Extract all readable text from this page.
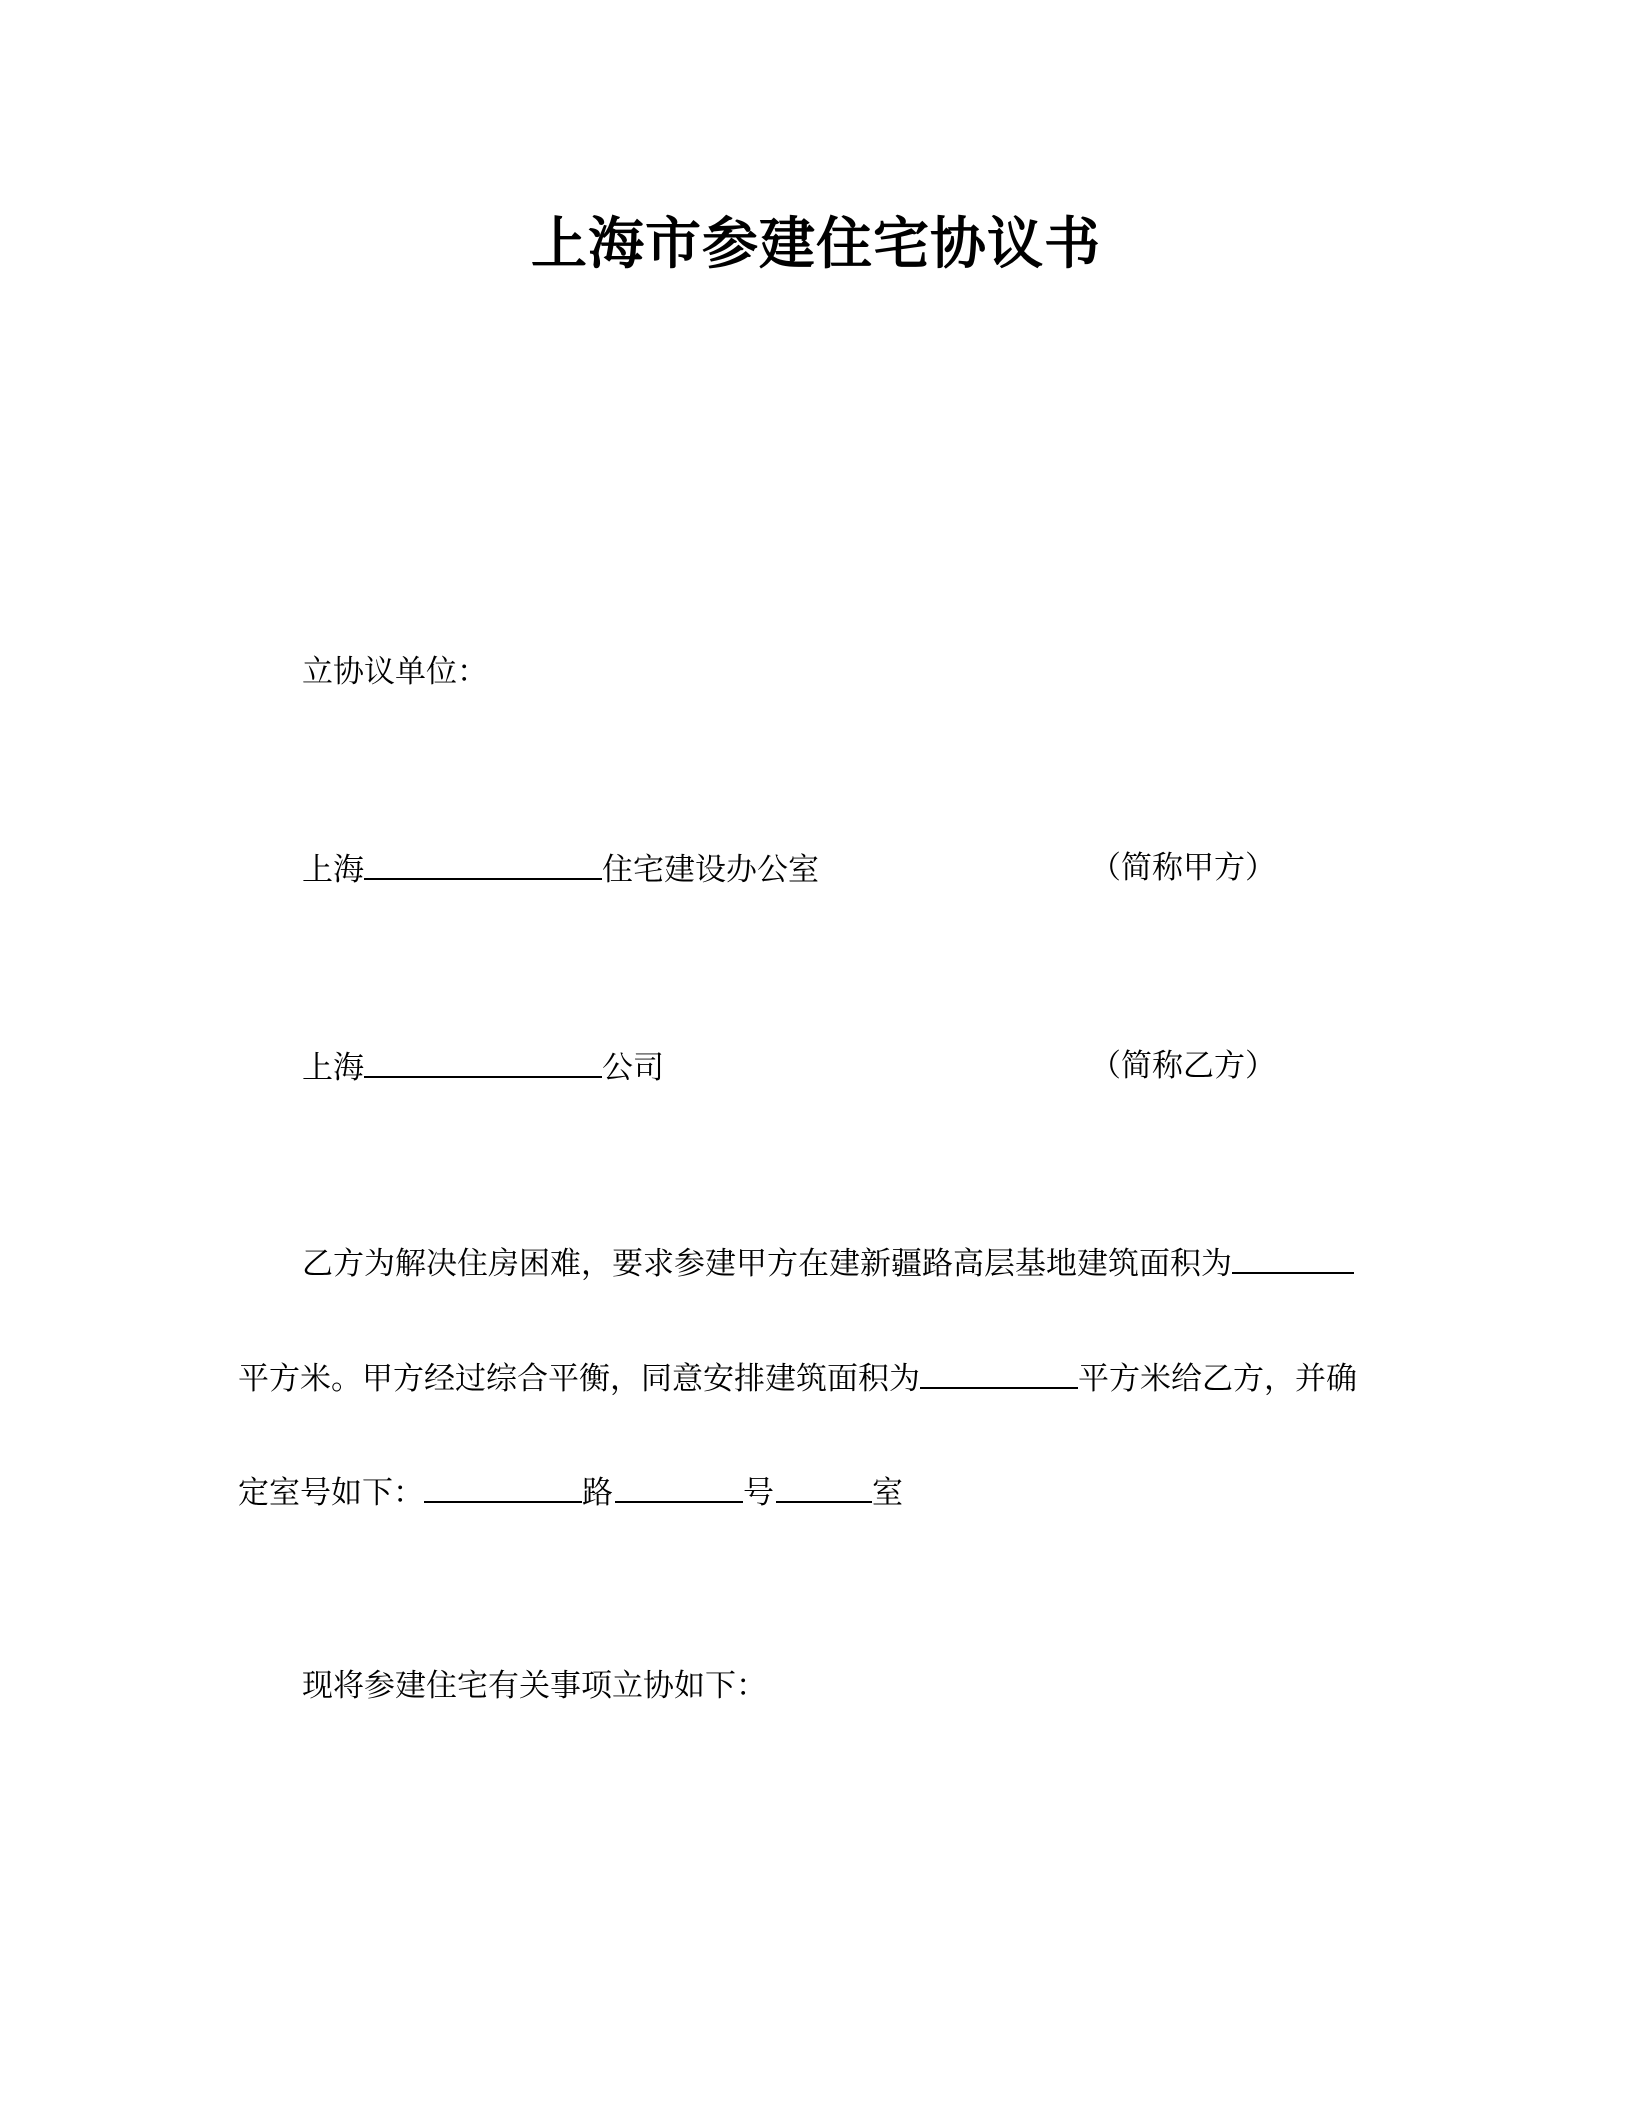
上海市参建住宅协议书
立协议单位：
上海	住宅建设办公室	（简称甲方）
上海	公司	（简称乙方）
乙方为解决住房困难，要求参建甲方在建新疆路高层基地建筑面积为
平方米。甲方经过综合平衡，同意安排建筑面积为	平方米给乙方，并确
定室号如下：	路	号	室
现将参建住宅有关事项立协如下：
